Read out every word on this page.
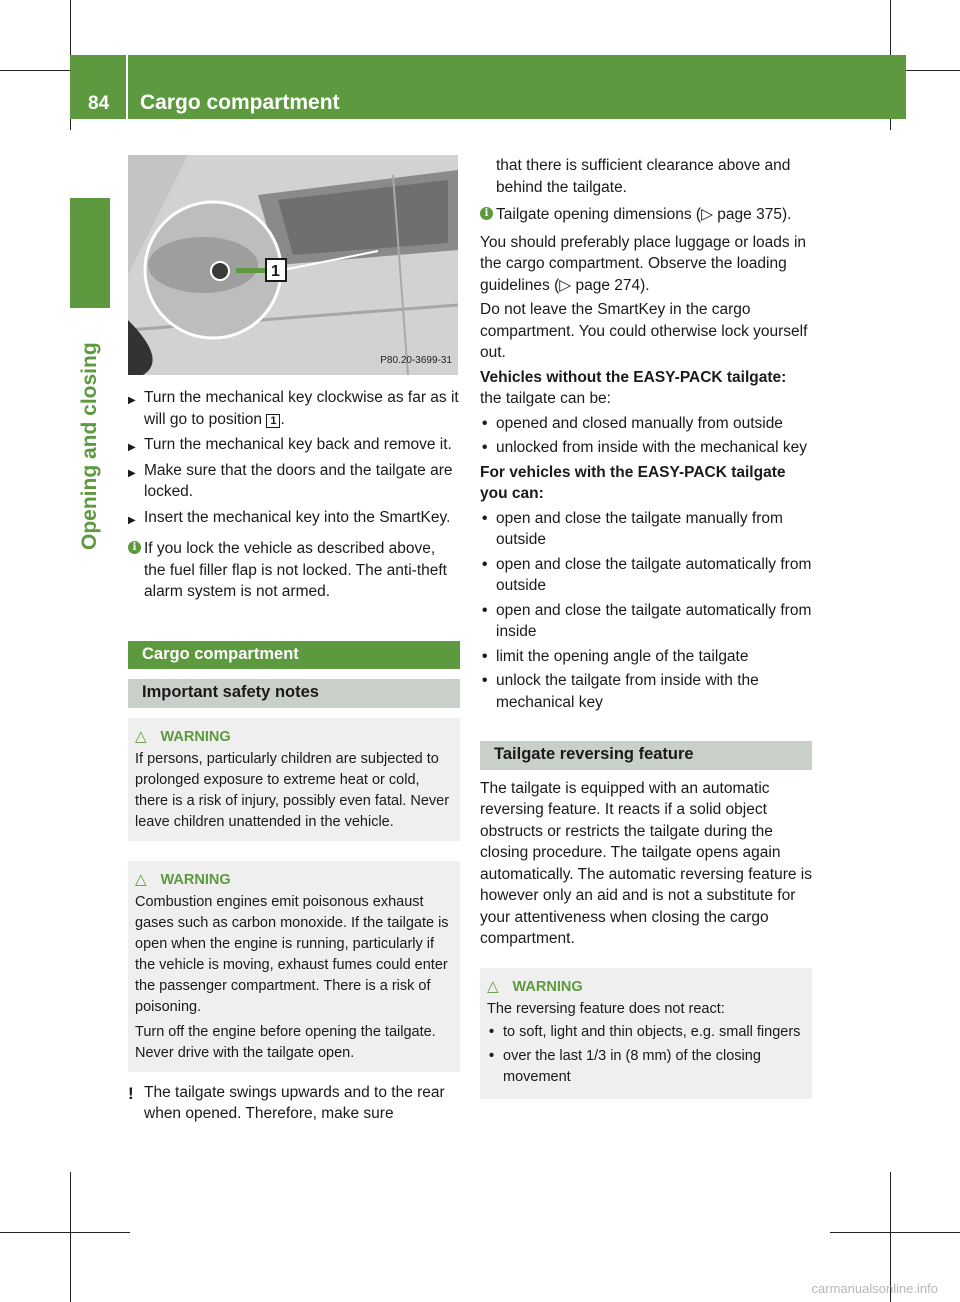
84 Cargo compartment
Opening and closing
1
P80.20-3699-31
▶ Turn the mechanical key clockwise as far as it will go to position 1 .
▶ Turn the mechanical key back and remove it.
▶ Make sure that the doors and the tailgate are locked.
▶ Insert the mechanical key into the SmartKey.
i If you lock the vehicle as described above, the fuel filler flap is not locked. The anti-theft alarm system is not armed.
Cargo compartment
Important safety notes
△ WARNING
If persons, particularly children are subjected to prolonged exposure to extreme heat or cold, there is a risk of injury, possibly even fatal. Never leave children unattended in the vehicle.
△ WARNING
Combustion engines emit poisonous exhaust gases such as carbon monoxide. If the tailgate is open when the engine is running, particularly if the vehicle is moving, exhaust fumes could enter the passenger compartment. There is a risk of poisoning.
Turn off the engine before opening the tailgate. Never drive with the tailgate open.
! The tailgate swings upwards and to the rear when opened. Therefore, make sure

that there is sufficient clearance above and behind the tailgate.

i Tailgate opening dimensions (▷ page 375).

You should preferably place luggage or loads in the cargo compartment. Observe the loading guidelines (▷ page 274).

Do not leave the SmartKey in the cargo compartment. You could otherwise lock yourself out.

Vehicles without the EASY-PACK tailgate: the tailgate can be:

• opened and closed manually from outside
• unlocked from inside with the mechanical key

For vehicles with the EASY-PACK tailgate you can:

• open and close the tailgate manually from outside
• open and close the tailgate automatically from outside
• open and close the tailgate automatically from inside
• limit the opening angle of the tailgate
• unlock the tailgate from inside with the mechanical key
Tailgate reversing feature

The tailgate is equipped with an automatic reversing feature. It reacts if a solid object obstructs or restricts the tailgate during the closing procedure. The tailgate opens again automatically. The automatic reversing feature is however only an aid and is not a substitute for your attentiveness when closing the cargo compartment.

△ WARNING
The reversing feature does not react:
• to soft, light and thin objects, e.g. small fingers
• over the last 1/3 in (8 mm) of the closing movement
carmanualsonline.info
